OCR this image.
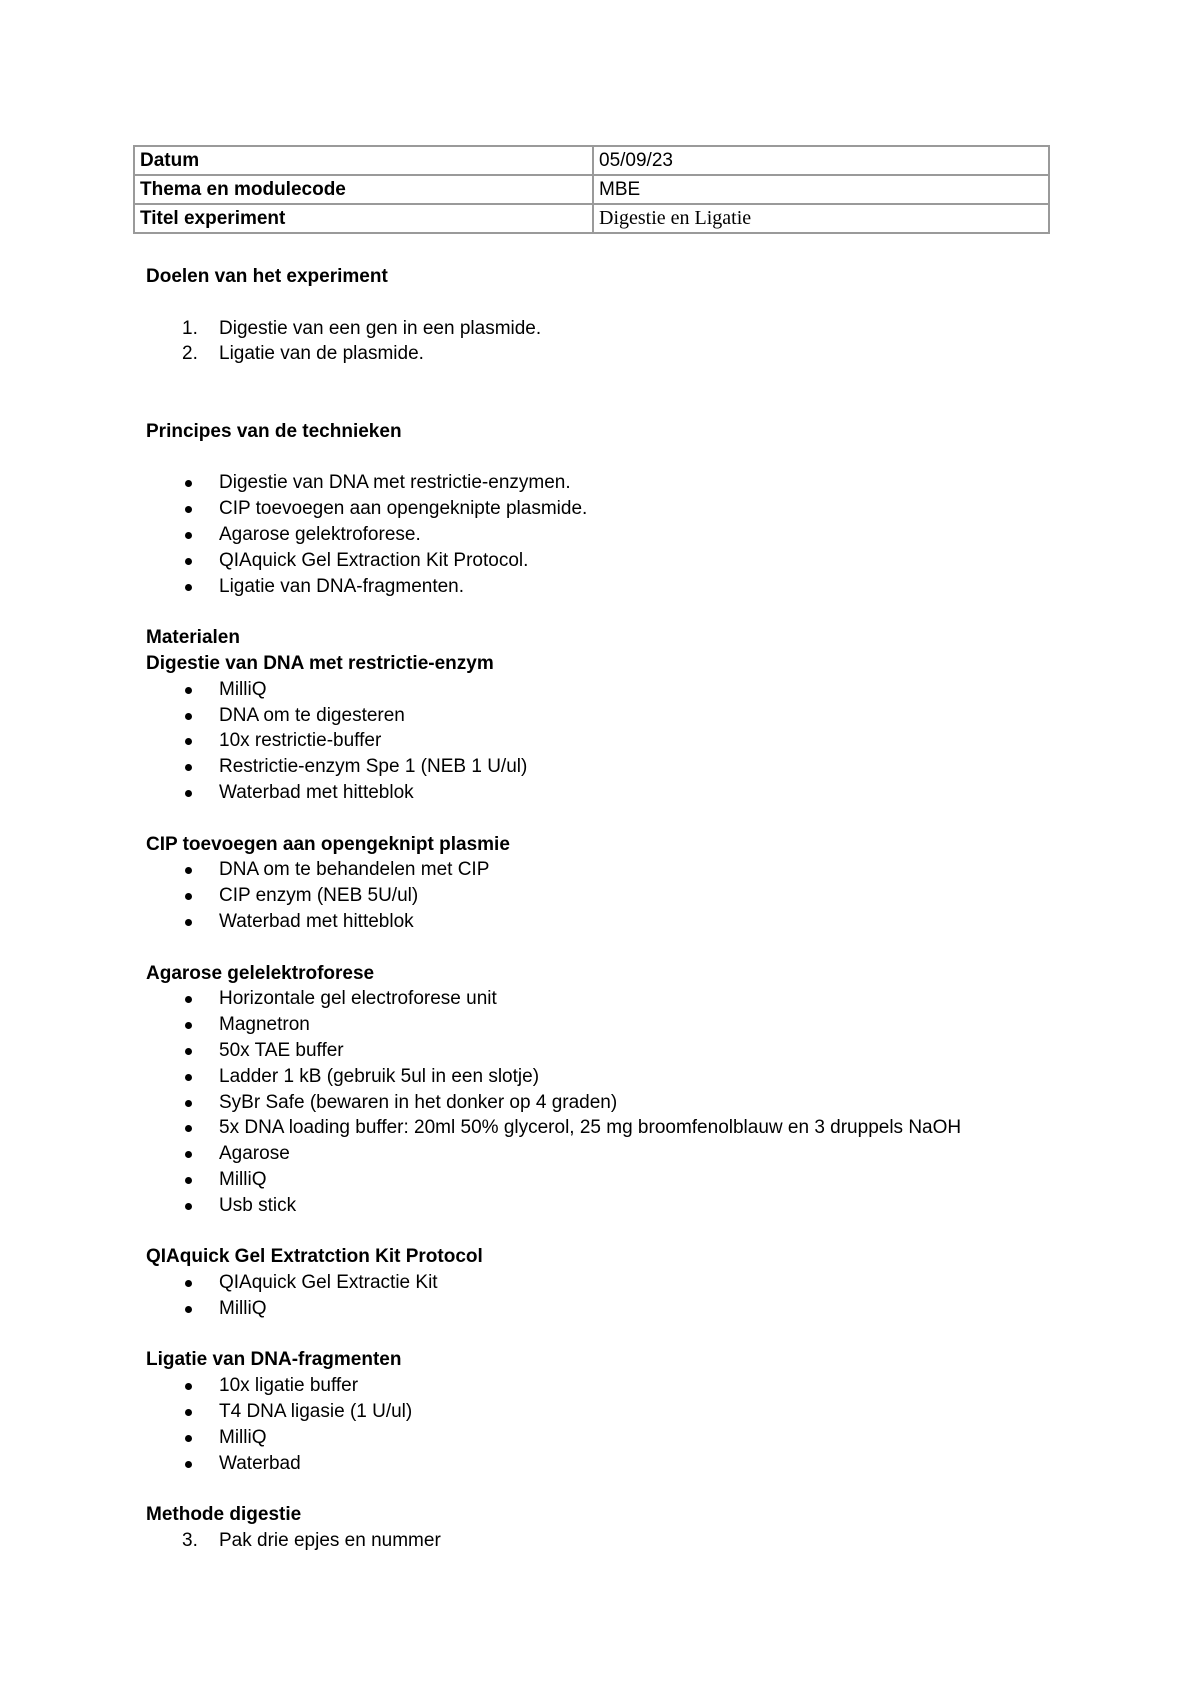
Datum	05/09/23
Thema en modulecode	MBE
Titel experiment	Digestie en Ligatie

Doelen van het experiment

1.	Digestie van een gen in een plasmide.
2.	Ligatie van de plasmide.

Principes van de technieken

Digestie van DNA met restrictie-enzymen.
CIP toevoegen aan opengeknipte plasmide.
Agarose gelektroforese.
QIAquick Gel Extraction Kit Protocol.
Ligatie van DNA-fragmenten.

Materialen

Digestie van DNA met restrictie-enzym

MilliQ
DNA om te digesteren
10x restrictie-buffer
Restrictie-enzym Spe 1 (NEB 1 U/ul)
Waterbad met hitteblok

CIP toevoegen aan opengeknipt plasmie

DNA om te behandelen met CIP
CIP enzym (NEB 5U/ul)
Waterbad met hitteblok

Agarose gelelektroforese

Horizontale gel electroforese unit
Magnetron
50x TAE buffer
Ladder 1 kB (gebruik 5ul in een slotje)
SyBr Safe (bewaren in het donker op 4 graden)
5x DNA loading buffer: 20ml 50% glycerol, 25 mg broomfenolblauw en 3 druppels NaOH
Agarose
MilliQ
Usb stick

QIAquick Gel Extratction Kit Protocol

QIAquick Gel Extractie Kit
MilliQ

Ligatie van DNA-fragmenten

10x ligatie buffer
T4 DNA ligasie (1 U/ul)
MilliQ
Waterbad

Methode digestie

3.	Pak drie epjes en nummer
